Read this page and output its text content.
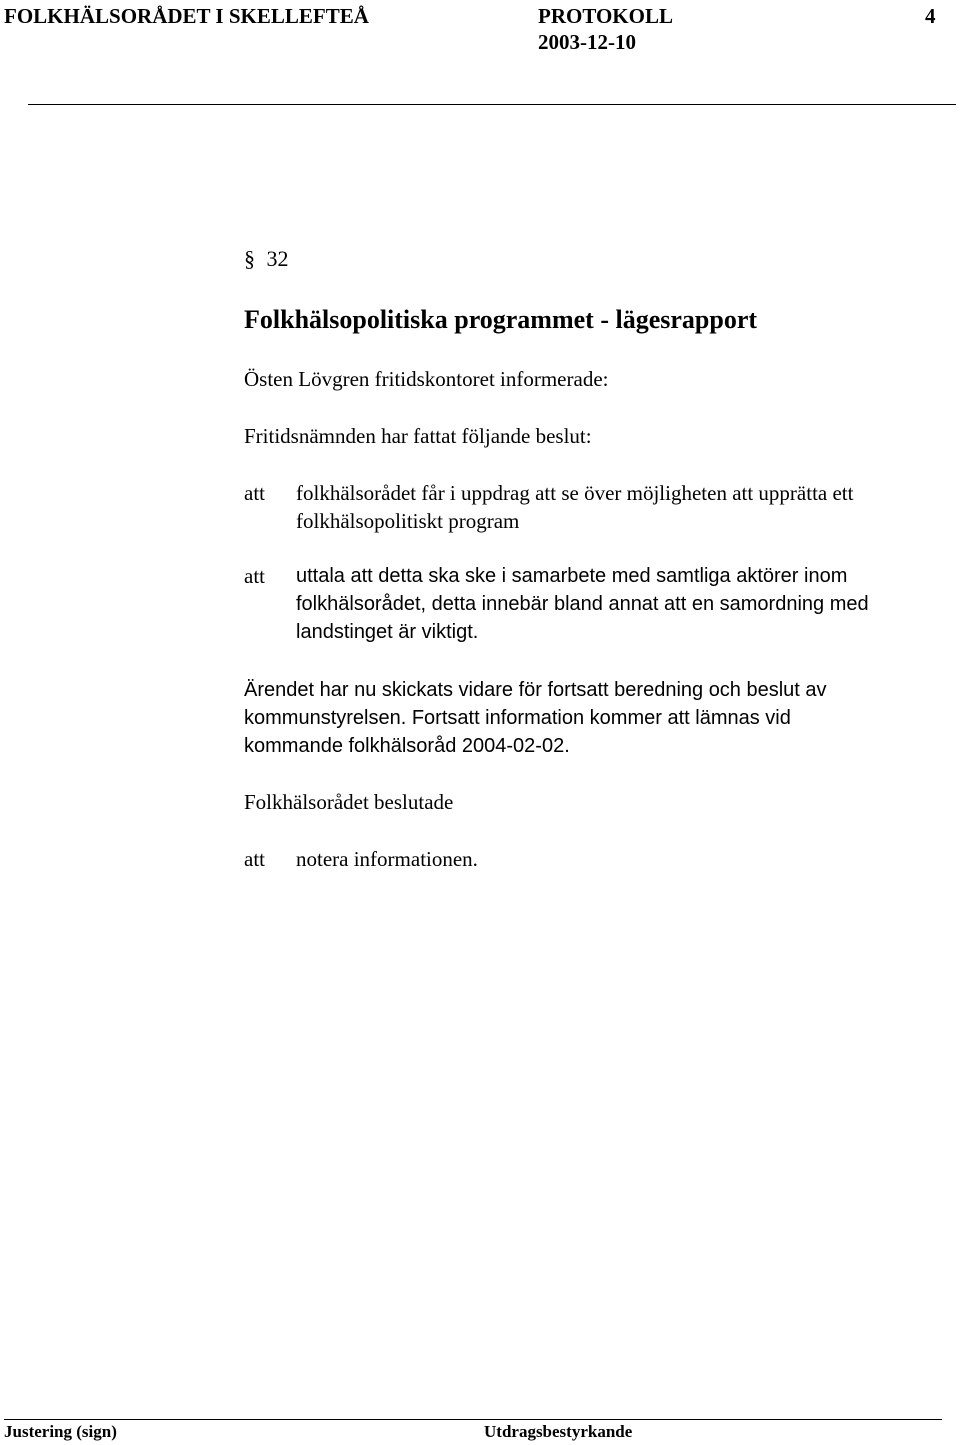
FOLKHÄLSORÅDET I SKELLEFTEÅ	PROTOKOLL
2003-12-10
4
§ 32
Folkhälsopolitiska programmet - lägesrapport
Östen Lövgren fritidskontoret informerade:
Fritidsnämnden har fattat följande beslut:
att folkhälsorådet får i uppdrag att se över möjligheten att upprätta ett
folkhälsopolitiskt program
att uttala att detta ska ske i samarbete med samtliga aktörer inom
folkhälsorådet, detta innebär bland annat att en samordning med
landstinget är viktigt.
Ärendet har nu skickats vidare för fortsatt beredning och beslut av
kommunstyrelsen. Fortsatt information kommer att lämnas vid
kommande folkhälsoråd 2004-02-02.
Folkhälsorådet beslutade
att notera informationen.
Justering (sign)	Utdragsbestyrkande
